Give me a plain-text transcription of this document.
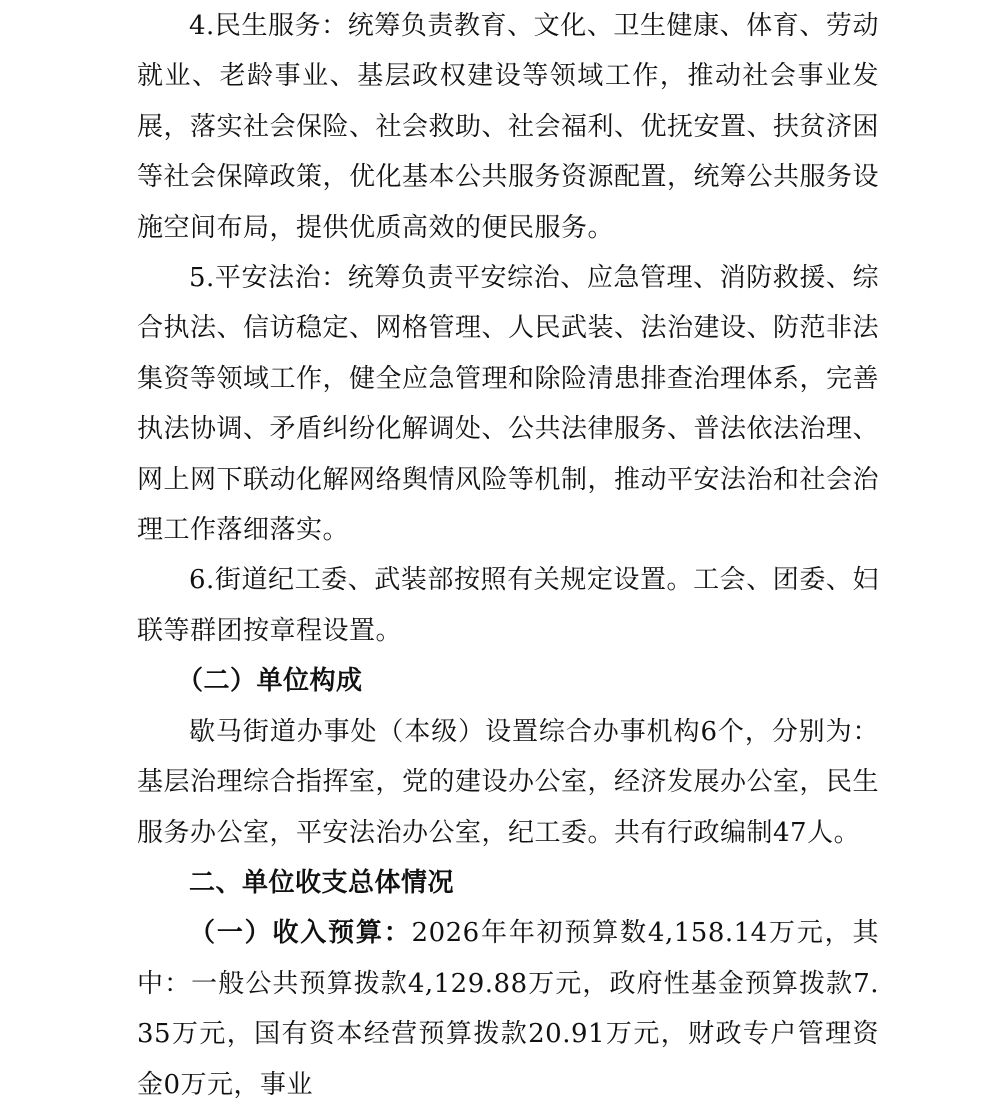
4.民生服务：统筹负责教育、文化、卫生健康、体育、劳动就业、老龄事业、基层政权建设等领域工作，推动社会事业发展，落实社会保险、社会救助、社会福利、优抚安置、扶贫济困等社会保障政策，优化基本公共服务资源配置，统筹公共服务设施空间布局，提供优质高效的便民服务。

5.平安法治：统筹负责平安综治、应急管理、消防救援、综合执法、信访稳定、网格管理、人民武装、法治建设、防范非法集资等领域工作，健全应急管理和除险清患排查治理体系，完善执法协调、矛盾纠纷化解调处、公共法律服务、普法依法治理、网上网下联动化解网络舆情风险等机制，推动平安法治和社会治理工作落细落实。

6.街道纪工委、武装部按照有关规定设置。工会、团委、妇联等群团按章程设置。

（二）单位构成

歇马街道办事处（本级）设置综合办事机构6个，分别为：基层治理综合指挥室，党的建设办公室，经济发展办公室，民生服务办公室，平安法治办公室，纪工委。共有行政编制47人。

二、单位收支总体情况

（一）收入预算：2026年年初预算数4,158.14万元，其中：一般公共预算拨款4,129.88万元，政府性基金预算拨款7.35万元，国有资本经营预算拨款20.91万元，财政专户管理资金0万元，事业
